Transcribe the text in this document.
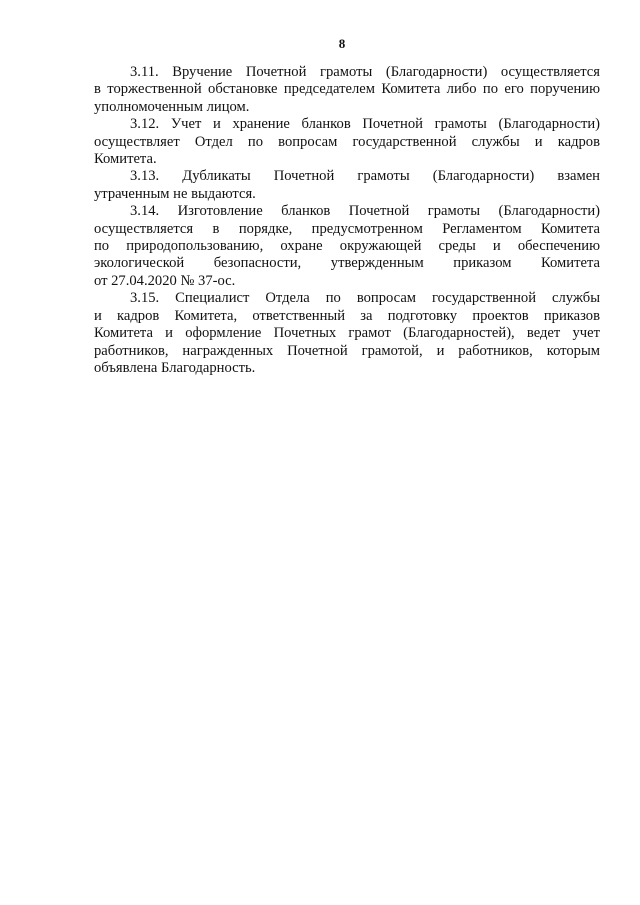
8
3.11. Вручение Почетной грамоты (Благодарности) осуществляется
в торжественной обстановке председателем Комитета либо по его поручению
уполномоченным лицом.
3.12. Учет и хранение бланков Почетной грамоты (Благодарности)
осуществляет Отдел по вопросам государственной службы и кадров
Комитета.
3.13. Дубликаты Почетной грамоты (Благодарности) взамен
утраченным не выдаются.
3.14. Изготовление бланков Почетной грамоты (Благодарности)
осуществляется в порядке, предусмотренном Регламентом Комитета
по природопользованию, охране окружающей среды и обеспечению
экологической безопасности, утвержденным приказом Комитета
от 27.04.2020 № 37-ос.
3.15. Специалист Отдела по вопросам государственной службы
и кадров Комитета, ответственный за подготовку проектов приказов
Комитета и оформление Почетных грамот (Благодарностей), ведет учет
работников, награжденных Почетной грамотой, и работников, которым
объявлена Благодарность.
